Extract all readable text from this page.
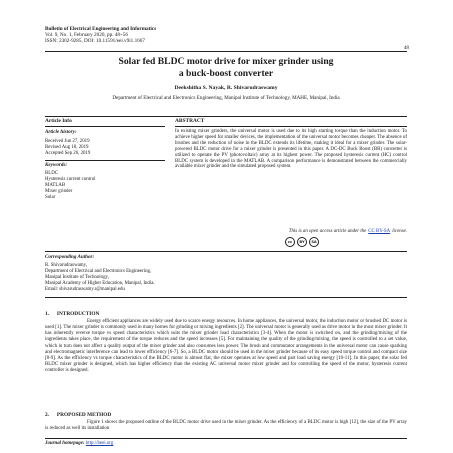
Bulletin of Electrical Engineering and Informatics
Vol. 9, No. 1, February 2020, pp. 48~56
ISSN: 2302-9285, DOI: 10.11591/eei.v9i1.1667
48
Solar fed BLDC motor drive for mixer grinder using
a buck-boost converter
Deekshitha S. Nayak, R. Shivarudraswamy
Department of Electrical and Electronics Engineering, Manipal Institute of Technology, MAHE, Manipal, India
Article Info	ABSTRACT
Article history:
Received Jun 27, 2019
Revised Aug 18, 2019
Accepted Sep 26, 2019
Keywords:
BLDC
Hysteresis current control
MATLAB
Mixer grinder
Solar
In existing mixer grinders, the universal motor is used due to its high starting torque than the induction motor. To achieve higher speed for smaller devices, the implementation of the universal motor becomes cheaper. The absence of brushes and the reduction of noise in the BLDC extends its lifetime, making it ideal for a mixer grinder. The solar-powered BLDC motor drive for a mixer grinder is presented in this paper. A DC-DC Buck Boost (BB) converter is utilized to operate the PV (photovoltaic) array at its highest power. The proposed hysteresis current (HC) control BLDC system is developed in the MATLAB. A comparison performance is demonstrated between the commercially available mixer grinder and the simulated proposed system.
This is an open access article under the CC BY-SA license.
cc	BY	SA
Corresponding Author:
R. Shivarudraswamy,
Department of Electrical and Electronics Engineering,
Manipal Institute of Technology,
Manipal Academy of Higher Education, Manipal, India.
Email: shivarudraswamy.r@manipal.edu
1.      INTRODUCTION
Energy efficient appliances are widely used due to scarce energy resources. In home appliances, the universal motor, the induction motor or brushed DC motor is used [1]. The mixer grinder is commonly used in many homes for grinding or mixing ingredients [2]. The universal motor is generally used as drive motor in the most mixer grinder. It has inherently reverse torque vs speed characteristics which suits the mixer grinder load characteristics [3-4]. When the motor is switched on, and the grinding/mixing of the ingredients takes place, the requirement of the torque reduces and the speed increases [5]. For maintaining the quality of the grinding/mixing, the speed is controlled to a set value, which in turn does not affect a quality output of the mixer grinder and also consumes less power. The brush and commutator arrangements in the universal motor can cause sparking and electromagnetic interference can lead to lower efficiency [6-7]. So, a BLDC motor should be used in the mixer grinder because of its easy speed torque control and compact size [8-9]. As the efficiency vs torque characteristics of the BLDC motor is almost flat, the mixer operates at low speed and part load saving energy [10-11]. In this paper, the solar fed BLDC mixer grinder is designed, which has higher efficiency than the existing AC universal motor mixer grinder and for controlling the speed of the motor, hysteresis current controller is designed.
2.      PROPOSED METHOD
Figure 1 shows the proposed outline of the BLDC motor drive used in the mixer grinder. As the efficiency of a BLDC motor is high [12], the size of the PV array is reduced as well its installation
Journal homepage: http://beei.org
